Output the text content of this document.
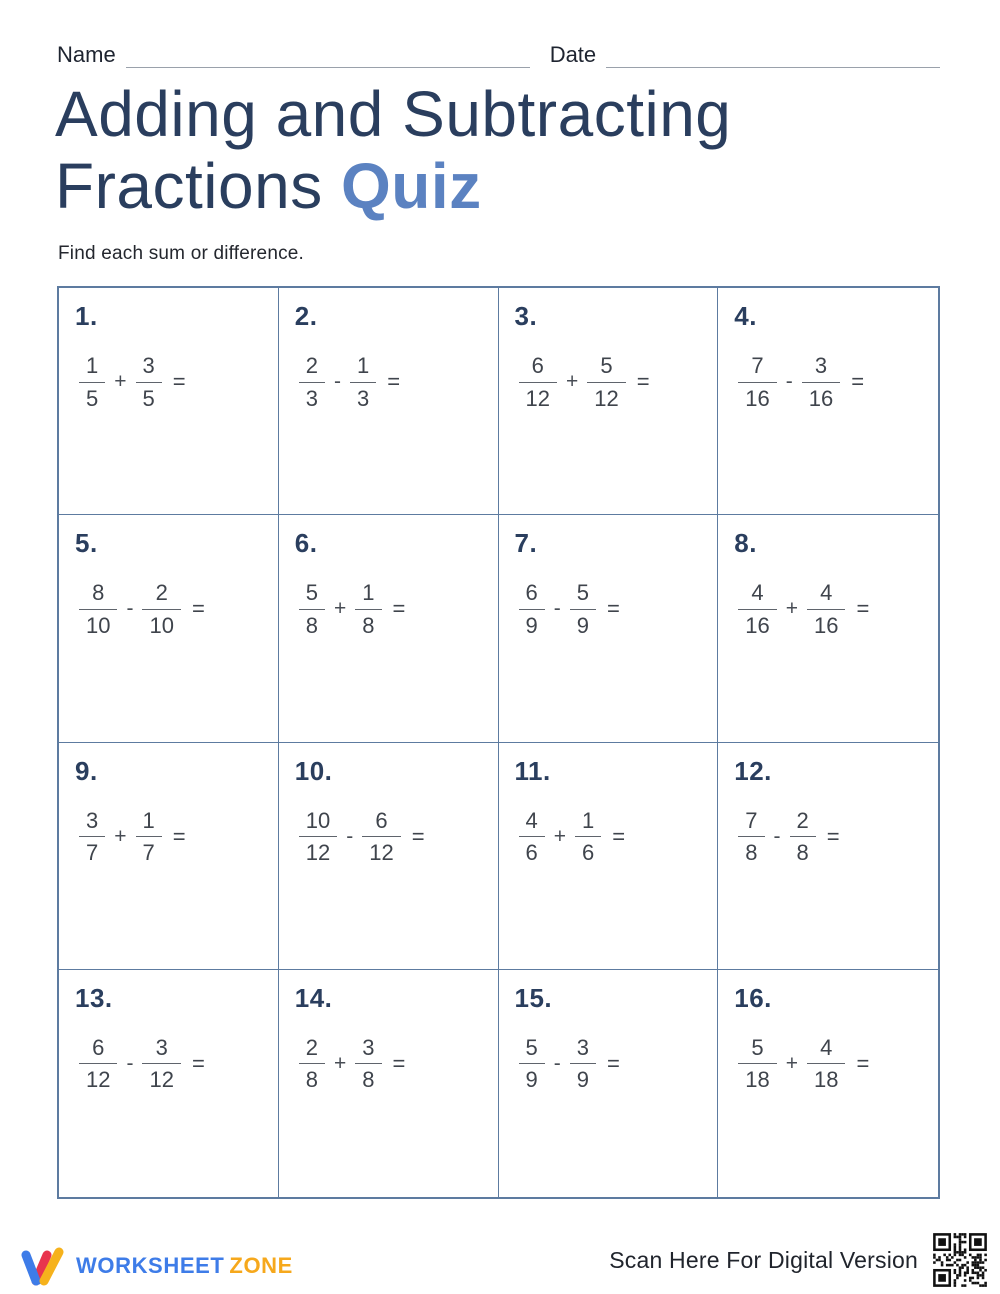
Name	Date
Adding and Subtracting
Fractions Quiz
Find each sum or difference.
1.
$\frac{1}{5} + \frac{3}{5}$ =
2.
$\frac{2}{3} - \frac{1}{3}$ =
3.
$\frac{6}{12} + \frac{5}{12}$ =
4.
$\frac{7}{16} - \frac{3}{16}$ =
5.
$\frac{8}{10} - \frac{2}{10}$ =
6.
$\frac{5}{8} + \frac{1}{8}$ =
7.
$\frac{6}{9} - \frac{5}{9}$ =
8.
$\frac{4}{16} + \frac{4}{16}$ =
9.
$\frac{3}{7} + \frac{1}{7}$ =
10.
$\frac{10}{12} - \frac{6}{12}$ =
11.
$\frac{4}{6} + \frac{1}{6}$ =
12.
$\frac{7}{8} - \frac{2}{8}$ =
13.
$\frac{6}{12} - \frac{3}{12}$ =
14.
$\frac{2}{8} + \frac{3}{8}$ =
15.
$\frac{5}{9} - \frac{3}{9}$ =
16.
$\frac{5}{18} + \frac{4}{18}$ =
WORKSHEET ZONE	Scan Here For Digital Version
